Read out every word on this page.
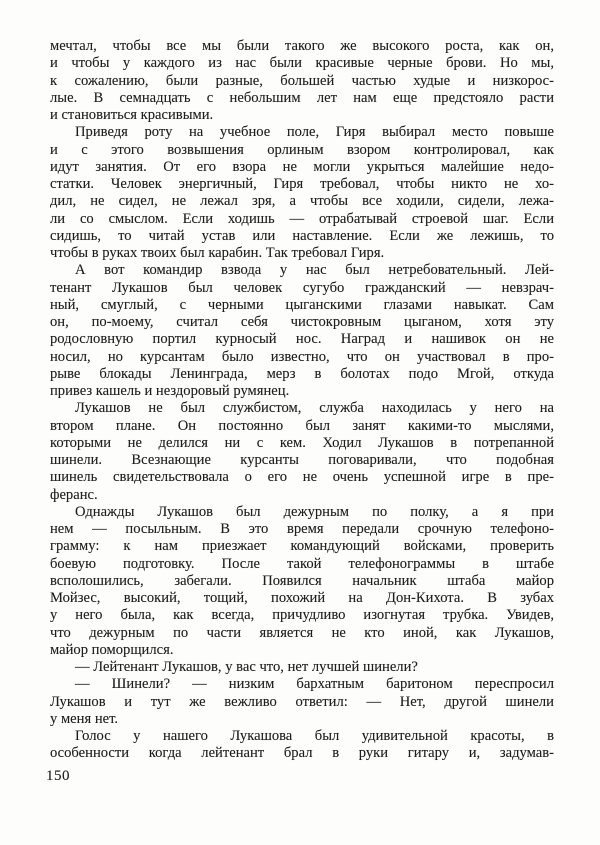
мечтал, чтобы все мы были такого же высокого роста, как он,
и чтобы у каждого из нас были красивые черные брови. Но мы,
к сожалению, были разные, большей частью худые и низкорос-
лые. В семнадцать с небольшим лет нам еще предстояло расти
и становиться красивыми.

Приведя роту на учебное поле, Гиря выбирал место повыше
и с этого возвышения орлиным взором контролировал, как
идут занятия. От его взора не могли укрыться малейшие недо-
статки. Человек энергичный, Гиря требовал, чтобы никто не хо-
дил, не сидел, не лежал зря, а чтобы все ходили, сидели, лежа-
ли со смыслом. Если ходишь — отрабатывай строевой шаг. Если
сидишь, то читай устав или наставление. Если же лежишь, то
чтобы в руках твоих был карабин. Так требовал Гиря.

А вот командир взвода у нас был нетребовательный. Лей-
тенант Лукашов был человек сугубо гражданский — невзрач-
ный, смуглый, с черными цыганскими глазами навыкат. Сам
он, по-моему, считал себя чистокровным цыганом, хотя эту
родословную портил курносый нос. Наград и нашивок он не
носил, но курсантам было известно, что он участвовал в про-
рыве блокады Ленинграда, мерз в болотах подо Мгой, откуда
привез кашель и нездоровый румянец.

Лукашов не был службистом, служба находилась у него на
втором плане. Он постоянно был занят какими-то мыслями,
которыми не делился ни с кем. Ходил Лукашов в потрепанной
шинели. Всезнающие курсанты поговаривали, что подобная
шинель свидетельствовала о его не очень успешной игре в пре-
феранс.

Однажды Лукашов был дежурным по полку, а я при
нем — посыльным. В это время передали срочную телефоно-
грамму: к нам приезжает командующий войсками, проверить
боевую подготовку. После такой телефонограммы в штабе
всполошились, забегали. Появился начальник штаба майор
Мойзес, высокий, тощий, похожий на Дон-Кихота. В зубах
у него была, как всегда, причудливо изогнутая трубка. Увидев,
что дежурным по части является не кто иной, как Лукашов,
майор поморщился.

— Лейтенант Лукашов, у вас что, нет лучшей шинели?

— Шинели? — низким бархатным баритоном переспросил
Лукашов и тут же вежливо ответил: — Нет, другой шинели
у меня нет.

Голос у нашего Лукашова был удивительной красоты, в
особенности когда лейтенант брал в руки гитару и, задумав-

150
